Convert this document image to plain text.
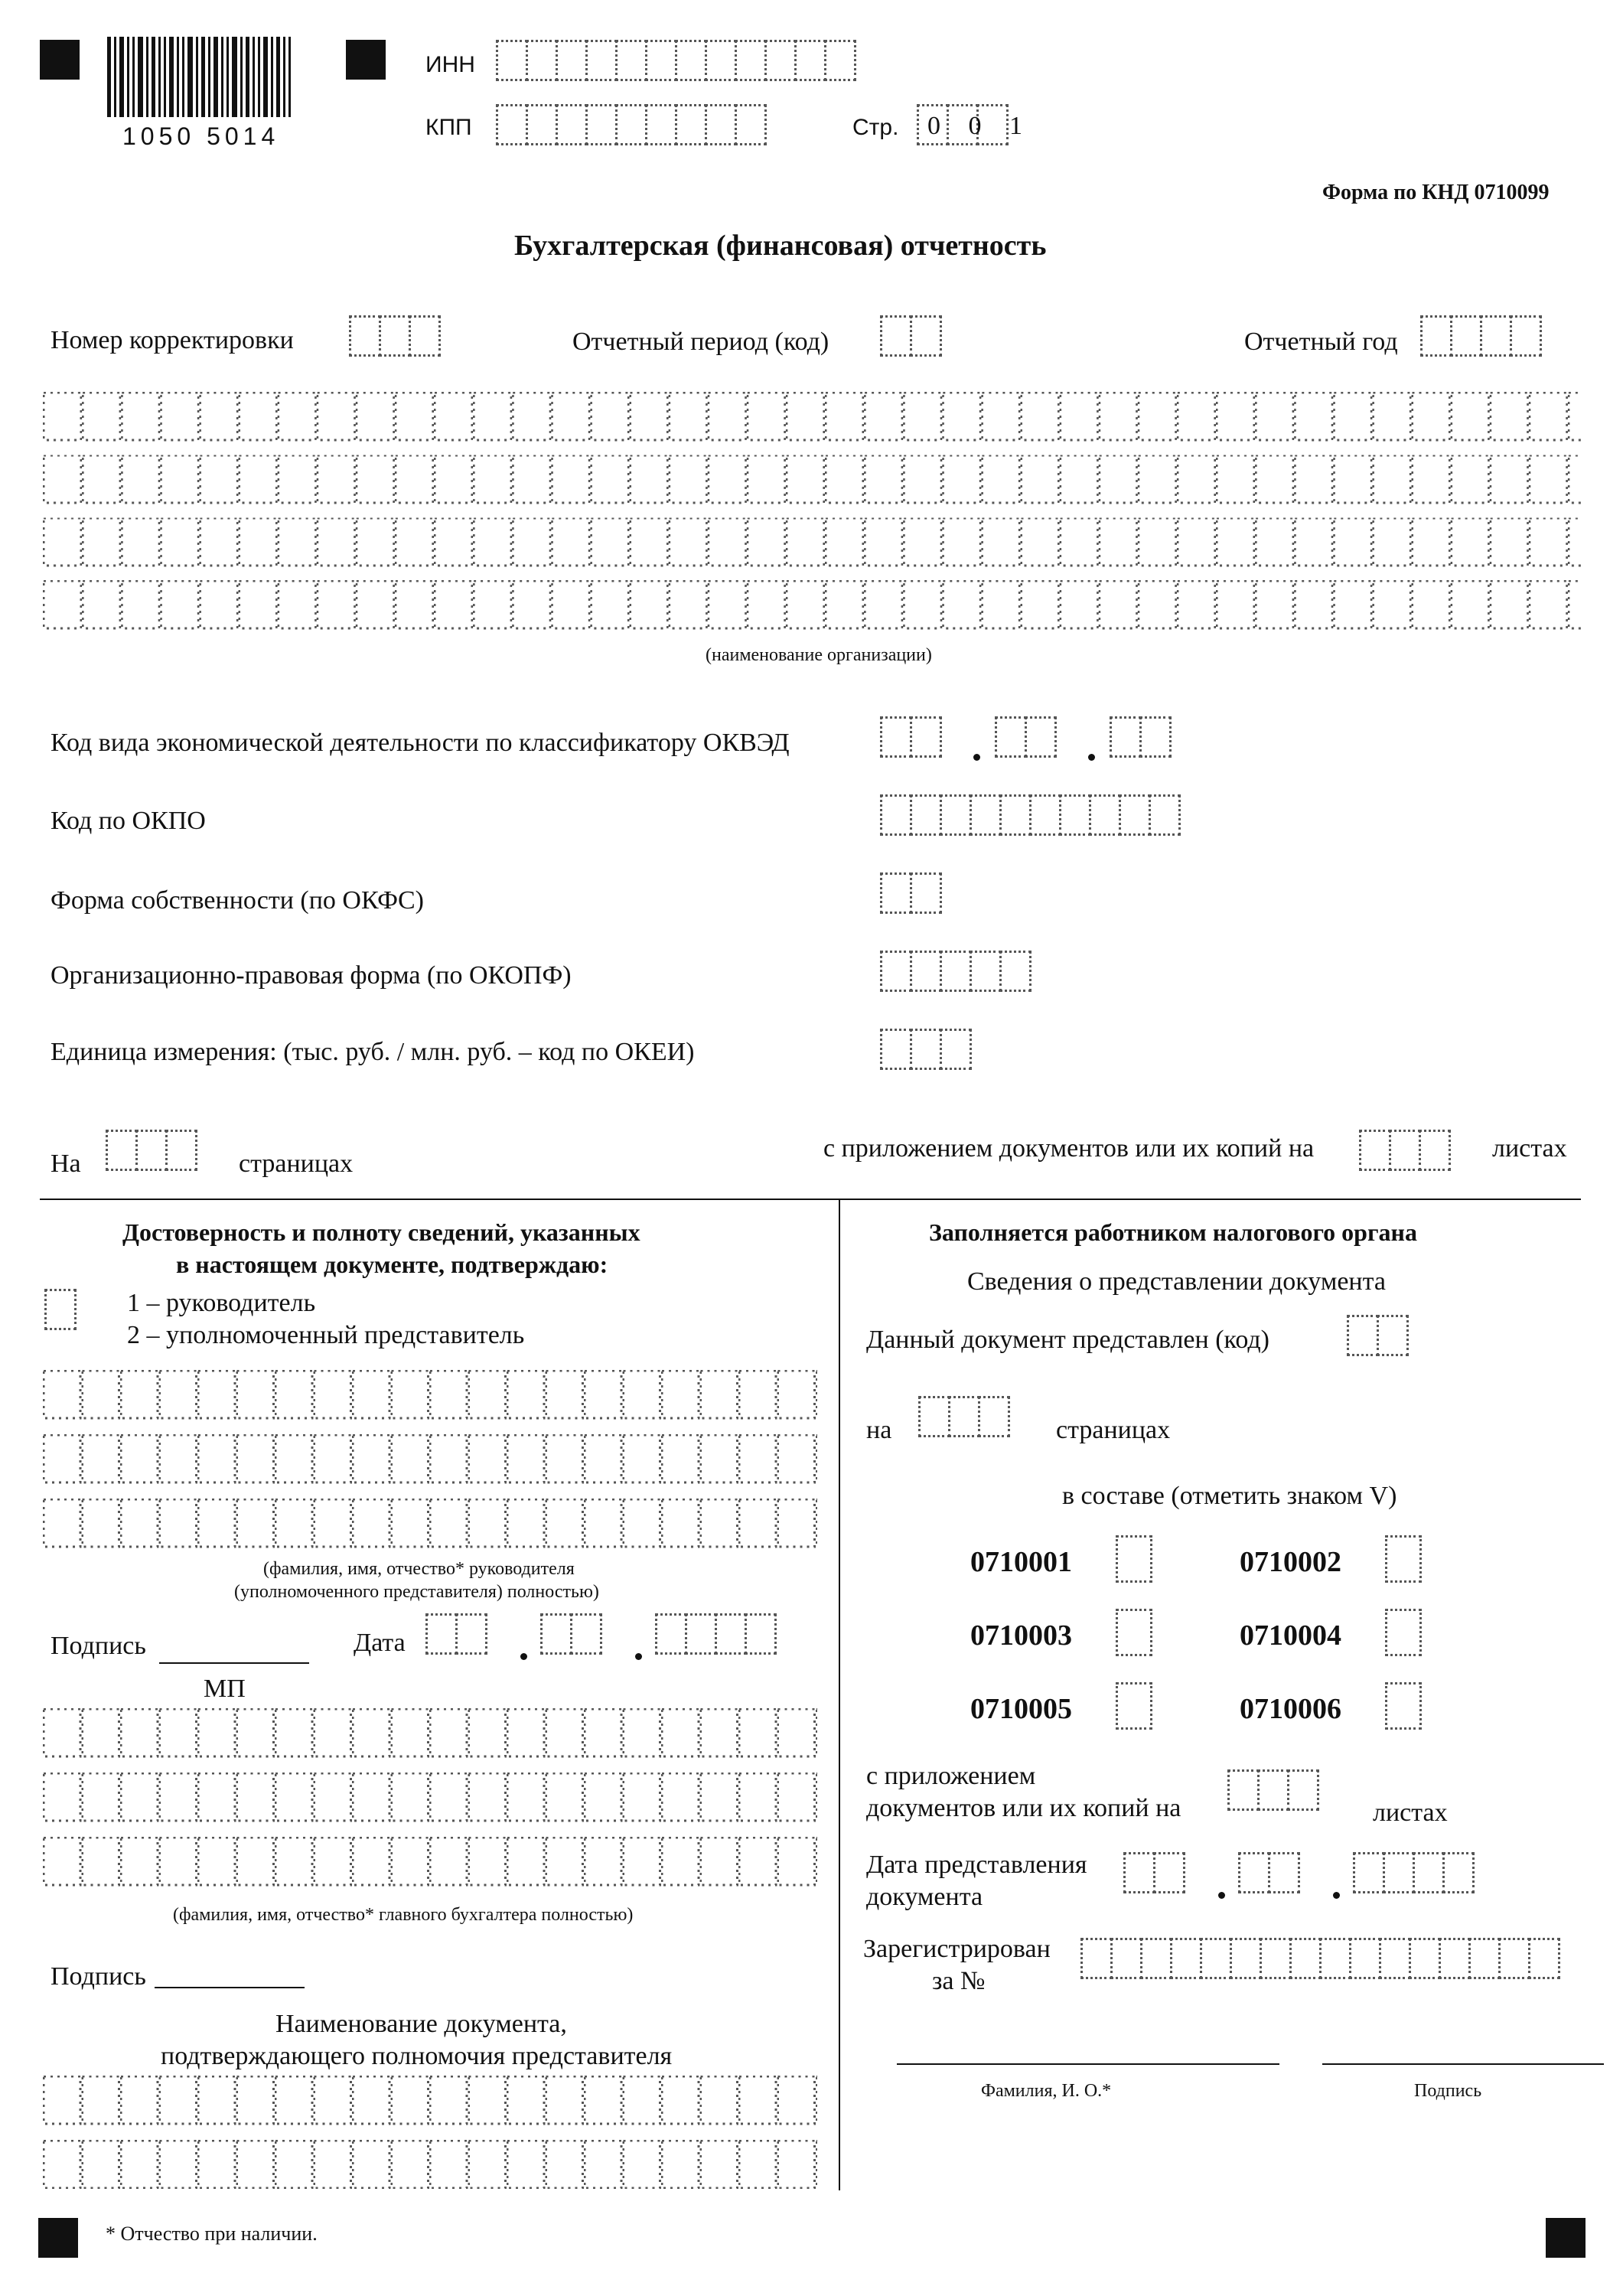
1050 5014
ИНН
КПП	Стр. 0 0 1
Форма по КНД 0710099
Бухгалтерская (финансовая) отчетность
Номер корректировки	Отчетный период (код)	Отчетный год
(наименование организации)
Код вида экономической деятельности по классификатору ОКВЭД
Код по ОКПО
Форма собственности (по ОКФС)
Организационно-правовая форма (по ОКОПФ)
Единица измерения: (тыс. руб. / млн. руб. – код по ОКЕИ)
На	страницах
с приложением документов или их копий на	листах
Достоверность и полноту сведений, указанных
в настоящем документе, подтверждаю:
1 – руководитель
2 – уполномоченный представитель
(фамилия, имя, отчество* руководителя
(уполномоченного представителя) полностью)
Подпись	Дата
МП
(фамилия, имя, отчество* главного бухгалтера полностью)
Подпись
Наименование документа,
подтверждающего полномочия представителя
* Отчество при наличии.
Заполняется работником налогового органа
Сведения о представлении документа
Данный документ представлен (код)
на	страницах
в составе (отметить знаком V)
0710001	0710002
0710003	0710004
0710005	0710006
с приложением
документов или их копий на	листах
Дата представления
документа
Зарегистрирован
за №
Фамилия, И. О.*	Подпись
